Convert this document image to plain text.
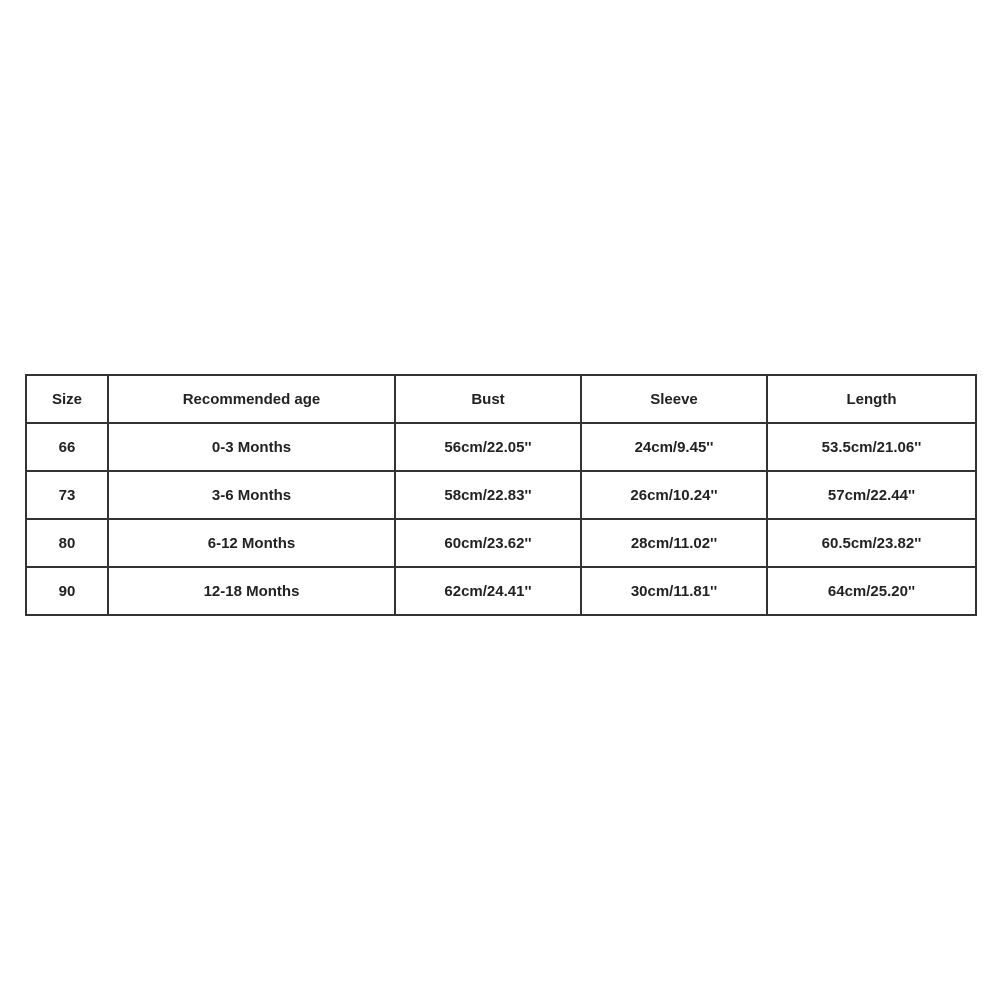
Size	Recommended age	Bust	Sleeve	Length
66	0-3 Months	56cm/22.05''	24cm/9.45''	53.5cm/21.06''
73	3-6 Months	58cm/22.83''	26cm/10.24''	57cm/22.44''
80	6-12 Months	60cm/23.62''	28cm/11.02''	60.5cm/23.82''
90	12-18 Months	62cm/24.41''	30cm/11.81''	64cm/25.20''
